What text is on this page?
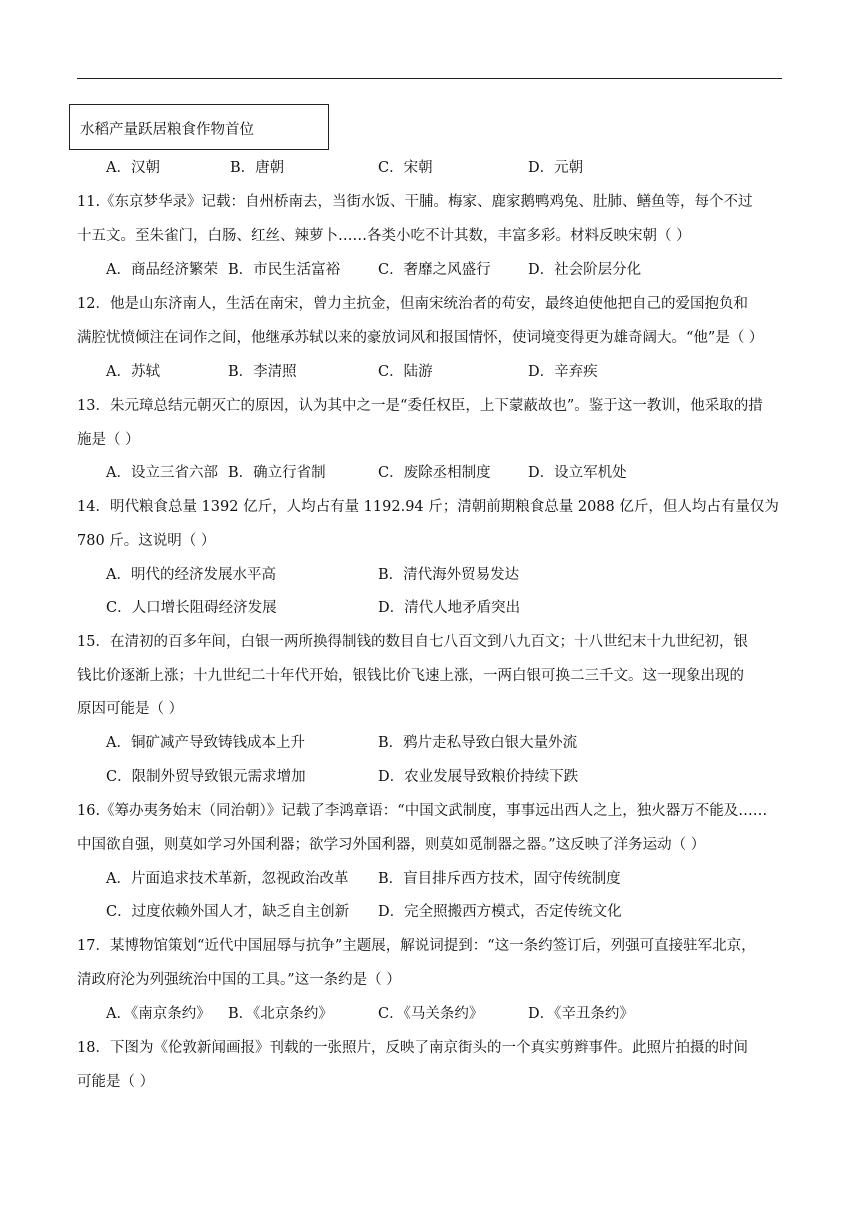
水稻产量跃居粮食作物首位
A．汉朝	B．唐朝	C．宋朝	D．元朝
11.《东京梦华录》记载：自州桥南去，当街水饭、干脯。梅家、鹿家鹅鸭鸡兔、肚肺、鳝鱼等，每个不过
十五文。至朱雀门，白肠、红丝、辣萝卜……各类小吃不计其数，丰富多彩。材料反映宋朝（ ）
A．商品经济繁荣 B．市民生活富裕	C．奢靡之风盛行	D．社会阶层分化
12．他是山东济南人，生活在南宋，曾力主抗金，但南宋统治者的苟安，最终迫使他把自己的爱国抱负和
满腔忧愤倾注在词作之间，他继承苏轼以来的豪放词风和报国情怀，使词境变得更为雄奇阔大。“他”是（ ）
A．苏轼	B．李清照	C．陆游	D．辛弃疾
13．朱元璋总结元朝灭亡的原因，认为其中之一是“委任权臣，上下蒙蔽故也”。鉴于这一教训，他采取的措
施是（ ）
A．设立三省六部 B．确立行省制	C．废除丞相制度	D．设立军机处
14．明代粮食总量 1392 亿斤，人均占有量 1192.94 斤；清朝前期粮食总量 2088 亿斤，但人均占有量仅为
780 斤。这说明（ ）
A．明代的经济发展水平高	B．清代海外贸易发达
C．人口增长阻碍经济发展	D．清代人地矛盾突出
15．在清初的百多年间，白银一两所换得制钱的数目自七八百文到八九百文；十八世纪末十九世纪初，银
钱比价逐渐上涨；十九世纪二十年代开始，银钱比价飞速上涨，一两白银可换二三千文。这一现象出现的
原因可能是（ ）
A．铜矿减产导致铸钱成本上升	B．鸦片走私导致白银大量外流
C．限制外贸导致银元需求增加	D．农业发展导致粮价持续下跌
16.《筹办夷务始末（同治朝）》记载了李鸿章语：“中国文武制度，事事远出西人之上，独火器万不能及……
中国欲自强，则莫如学习外国利器；欲学习外国利器，则莫如觅制器之器。”这反映了洋务运动（ ）
A．片面追求技术革新，忽视政治改革 B．盲目排斥西方技术，固守传统制度
C．过度依赖外国人才，缺乏自主创新 D．完全照搬西方模式，否定传统文化
17．某博物馆策划“近代中国屈辱与抗争”主题展，解说词提到：“这一条约签订后，列强可直接驻军北京，
清政府沦为列强统治中国的工具。”这一条约是（ ）
A．《南京条约》 B．《北京条约》	C．《马关条约》	D．《辛丑条约》
18．下图为《伦敦新闻画报》刊载的一张照片，反映了南京街头的一个真实剪辫事件。此照片拍摄的时间
可能是（ ）
